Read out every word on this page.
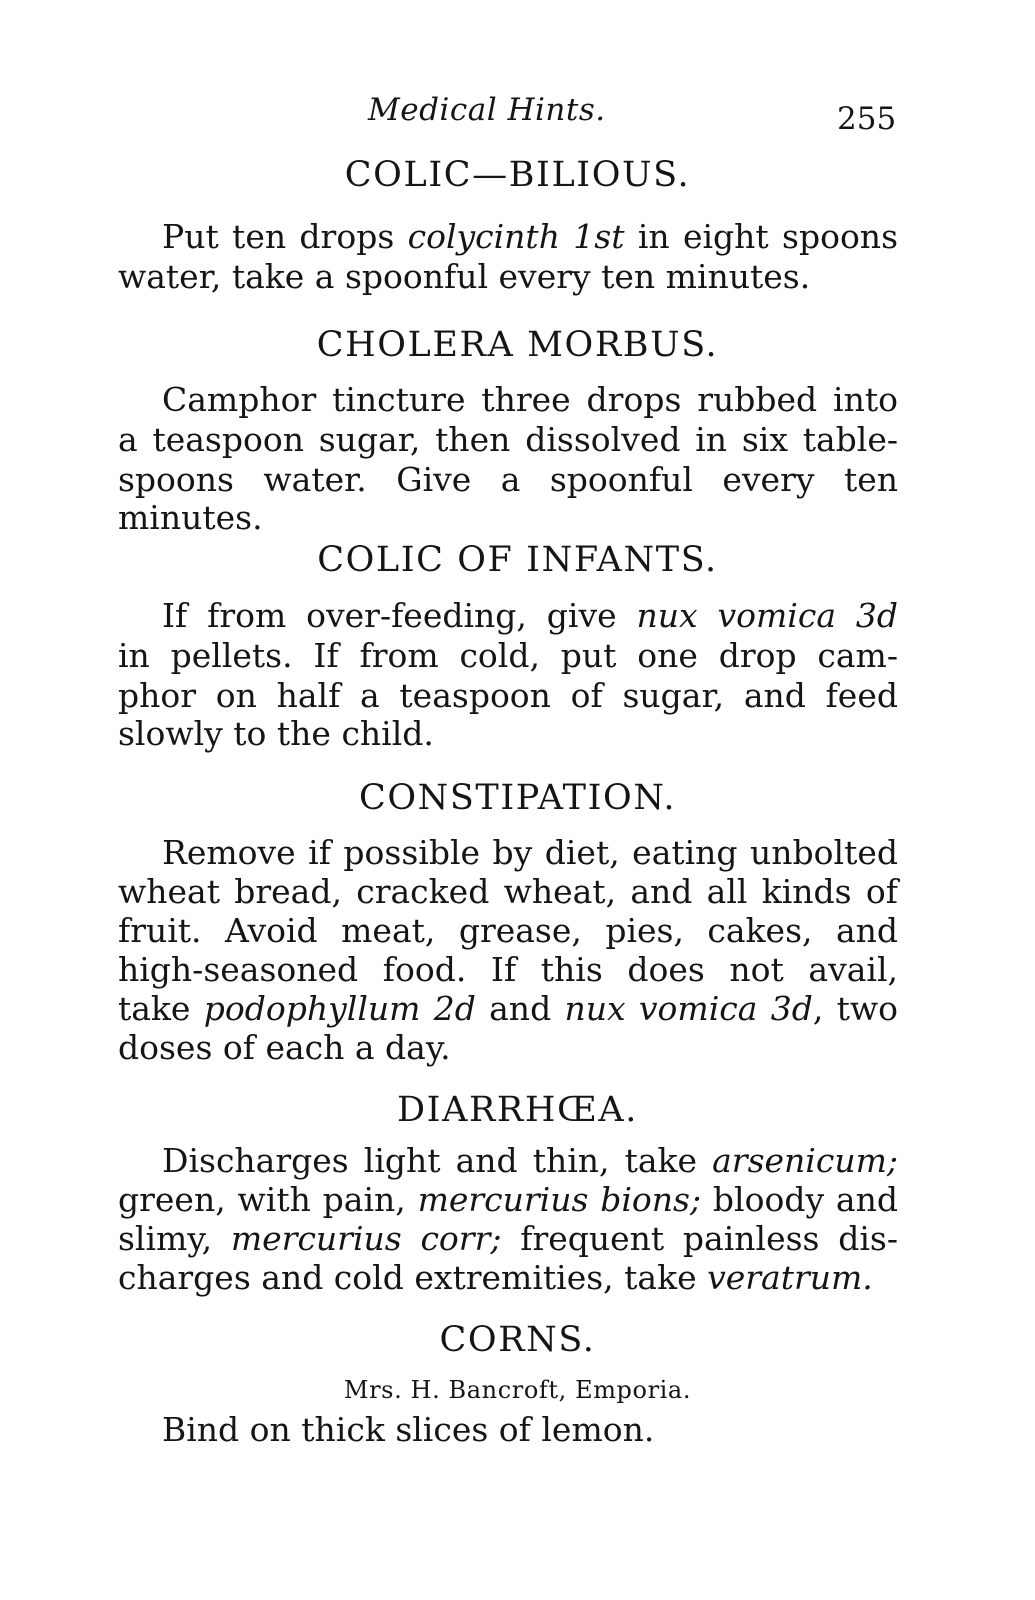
Medical Hints.	255
COLIC—BILIOUS.
Put ten drops colycinth 1st in eight spoons
water, take a spoonful every ten minutes.
CHOLERA MORBUS.
Camphor tincture three drops rubbed into
a teaspoon sugar, then dissolved in six table-
spoons water. Give a spoonful every ten
minutes.
COLIC OF INFANTS.
If from over-feeding, give nux vomica 3d
in pellets. If from cold, put one drop cam-
phor on half a teaspoon of sugar, and feed
slowly to the child.
CONSTIPATION.
Remove if possible by diet, eating unbolted
wheat bread, cracked wheat, and all kinds of
fruit. Avoid meat, grease, pies, cakes, and
high-seasoned food. If this does not avail,
take podophyllum 2d and nux vomica 3d, two
doses of each a day.
DIARRHŒA.
Discharges light and thin, take arsenicum;
green, with pain, mercurius bions; bloody and
slimy, mercurius corr; frequent painless dis-
charges and cold extremities, take veratrum.
CORNS.
Mrs. H. Bancroft, Emporia.
Bind on thick slices of lemon.
